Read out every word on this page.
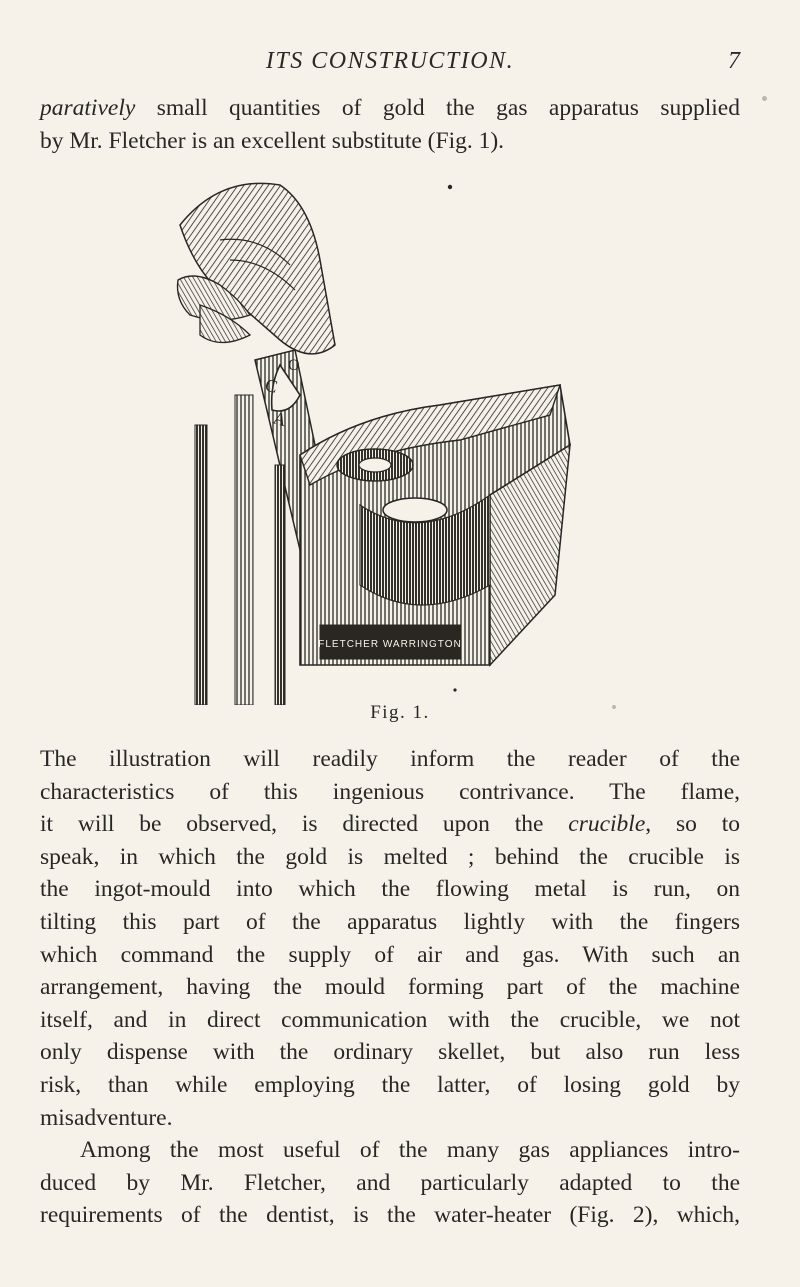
ITS CONSTRUCTION.	7
paratively small quantities of gold the gas apparatus supplied
by Mr. Fletcher is an excellent substitute (Fig. 1).
C
A
O
FLETCHER WARRINGTON
Fig. 1.
The illustration will readily inform the reader of the
characteristics of this ingenious contrivance. The flame,
it will be observed, is directed upon the crucible, so to
speak, in which the gold is melted ; behind the crucible is
the ingot-mould into which the flowing metal is run, on
tilting this part of the apparatus lightly with the fingers
which command the supply of air and gas. With such an
arrangement, having the mould forming part of the machine
itself, and in direct communication with the crucible, we not
only dispense with the ordinary skellet, but also run less
risk, than while employing the latter, of losing gold by
misadventure.
Among the most useful of the many gas appliances intro-
duced by Mr. Fletcher, and particularly adapted to the
requirements of the dentist, is the water-heater (Fig. 2), which,
